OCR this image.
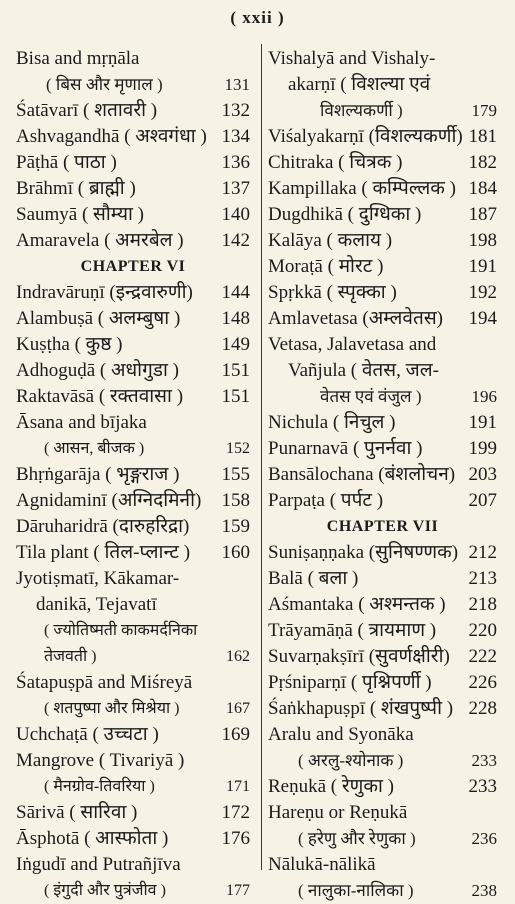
( xxii )
Bisa and mṛṇāla
( बिस और मृणाल )	131
Śatāvarī ( शतावरी )	132
Ashvagandhā ( अश्वगंधा ) 134
Pāṭhā ( पाठा )	136
Brāhmī ( ब्राह्मी )	137
Saumyā ( सौम्या )	140
Amaravela ( अमरबेल ) 142
CHAPTER VI
Indravāruṇī (इन्द्रवारुणी) 144
Alambuṣā ( अलम्बुषा ) 148
Kuṣṭha ( कुष्ठ )	149
Adhoguḍā ( अधोगुडा ) 151
Raktavāsā ( रक्तवासा ) 151
Āsana and bījaka
( आसन, बीजक )	152
Bhṛṅgarāja ( भृङ्गराज ) 155
Agnidaminī (अग्निदमिनी) 158
Dāruharidrā (दारुहरिद्रा) 159
Tila plant ( तिल-प्लान्ट ) 160
Jyotiṣmatī, Kākamar-
danikā, Tejavatī
( ज्योतिष्मती काकमर्दनिका
तेजवती )	162
Śatapuṣpā and Miśreyā
( शतपुष्पा और मिश्रेया )	167
Uchchaṭā ( उच्चटा )	169
Mangrove ( Tivariyā )
( मैनग्रोव-तिवरिया )	171
Sārivā ( सारिवा )	172
Āsphotā ( आस्फोता )	176
Iṅgudī and Putrañjīva
( इंगुदी और पुत्रंजीव )	177
Vishalyā and Vishaly-
akarṇī ( विशल्या एवं
विशल्यकर्णी )	179
Viśalyakarṇī (विशल्यकर्णी) 181
Chitraka ( चित्रक )	182
Kampillaka ( कम्पिल्लक ) 184
Dugdhikā ( दुग्धिका ) 187
Kalāya ( कलाय )	198
Moraṭā ( मोरट )	191
Spṛkkā ( स्पृक्का )	192
Amlavetasa (अम्लवेतस) 194
Vetasa, Jalavetasa and
Vañjula ( वेतस, जल-
वेतस एवं वंजुल )	196
Nichula ( निचुल )	191
Punarnavā ( पुनर्नवा ) 199
Bansālochana (बंशलोचन) 203
Parpaṭa ( पर्पट )	207
CHAPTER VII
Suniṣaṇṇaka (सुनिषण्णक) 212
Balā ( बला )	213
Aśmantaka ( अश्मन्तक ) 218
Trāyamāṇā ( त्रायमाण ) 220
Suvarṇakṣīrī (सुवर्णक्षीरी) 222
Pṛśniparṇī ( पृश्निपर्णी ) 226
Śaṅkhapuṣpī ( शंखपुष्पी ) 228
Aralu and Syonāka
( अरलु-श्योनाक )	233
Reṇukā ( रेणुका )	233
Hareṇu or Reṇukā
( हरेणु और रेणुका )	236
Nālukā-nālikā
( नालुका-नालिका )	238
